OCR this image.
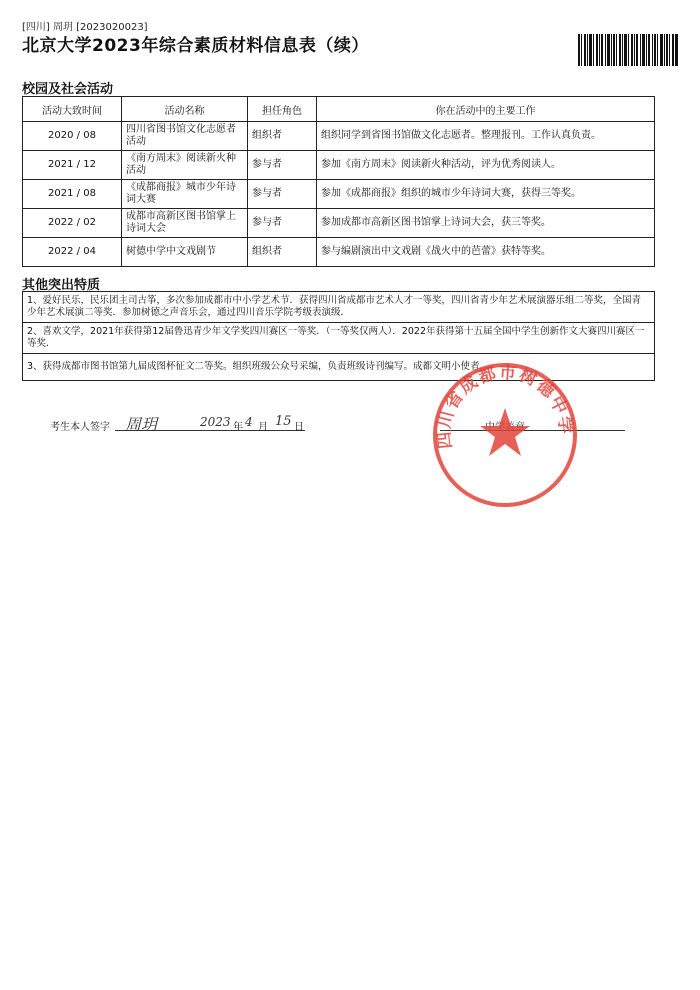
[四川] 周玥 [2023020023]
北京大学2023年综合素质材料信息表（续）
校园及社会活动
活动大致时间	活动名称	担任角色	你在活动中的主要工作
2020 / 08	四川省图书馆文化志愿者活动	组织者	组织同学到省图书馆做文化志愿者。整理报刊。工作认真负责。
2021 / 12	《南方周末》阅读新火种活动	参与者	参加《南方周末》阅读新火种活动，评为优秀阅读人。
2021 / 08	《成都商报》城市少年诗词大赛	参与者	参加《成都商报》组织的城市少年诗词大赛，获得三等奖。
2022 / 02	成都市高新区图书馆掌上诗词大会	参与者	参加成都市高新区图书馆掌上诗词大会，获三等奖。
2022 / 04	树德中学中文戏剧节	组织者	参与编剧演出中文戏剧《战火中的芭蕾》获特等奖。
其他突出特质
1、爱好民乐，民乐团主司古筝，多次参加成都市中小学艺术节．获得四川省成都市艺术人才一等奖，四川省青少年艺术展演器乐组二等奖，全国青少年艺术展演二等奖．参加树德之声音乐会，通过四川音乐学院考级表演级．
2、喜欢文学，2021年获得第12届鲁迅青少年文学奖四川赛区一等奖．（一等奖仅两人）．2022年获得第十五届全国中学生创新作文大赛四川赛区一等奖．
3、获得成都市图书馆第九届成图杯征文二等奖。组织班级公众号采编，负责班级诗刊编写。成都文明小使者
考生本人签字 周玥	2023 年 4 月 15 日
四川省成都市树德中学
